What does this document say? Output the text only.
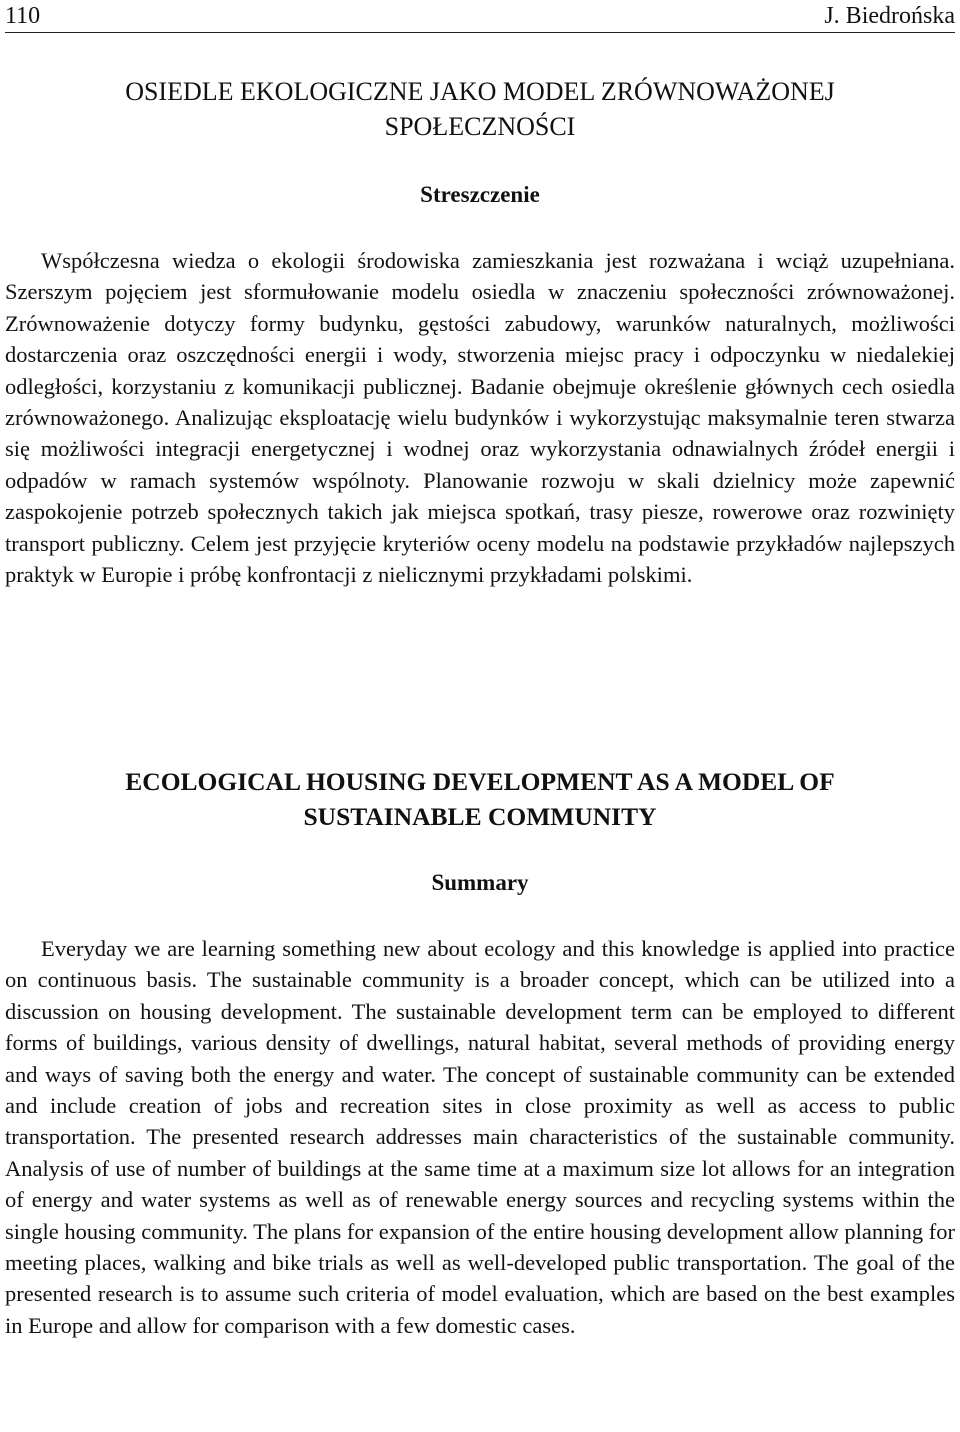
110	J. Biedrońska
OSIEDLE EKOLOGICZNE JAKO MODEL ZRÓWNOWAŻONEJ
SPOŁECZNOŚCI
Streszczenie

Współczesna wiedza o ekologii środowiska zamieszkania jest rozważana i wciąż uzupełniana. Szerszym pojęciem jest sformułowanie modelu osiedla w znaczeniu społeczności zrównoważonej. Zrównoważenie dotyczy formy budynku, gęstości zabudowy, warunków naturalnych, możliwości dostarczenia oraz oszczędności energii i wody, stworzenia miejsc pracy i odpoczynku w niedalekiej odległości, korzystaniu z komunikacji publicznej. Badanie obejmuje określenie głównych cech osiedla zrównoważonego. Analizując eksploatację wielu budynków i wykorzystując maksymalnie teren stwarza się możliwości integracji energetycznej i wodnej oraz wykorzystania odnawialnych źródeł energii i odpadów w ramach systemów wspólnoty. Planowanie rozwoju w skali dzielnicy może zapewnić zaspokojenie potrzeb społecznych takich jak miejsca spotkań, trasy piesze, rowerowe oraz rozwinięty transport publiczny. Celem jest przyjęcie kryteriów oceny modelu na podstawie przykładów najlepszych praktyk w Europie i próbę konfrontacji z nielicznymi przykładami polskimi.

ECOLOGICAL HOUSING DEVELOPMENT AS A MODEL OF
SUSTAINABLE COMMUNITY
Summary

Everyday we are learning something new about ecology and this knowledge is applied into practice on continuous basis. The sustainable community is a broader concept, which can be utilized into a discussion on housing development. The sustainable development term can be employed to different forms of buildings, various density of dwellings, natural habitat, several methods of providing energy and ways of saving both the energy and water. The concept of sustainable community can be extended and include creation of jobs and recreation sites in close proximity as well as access to public transportation. The presented research addresses main characteristics of the sustainable community. Analysis of use of number of buildings at the same time at a maximum size lot allows for an integration of energy and water systems as well as of renewable energy sources and recycling systems within the single housing community. The plans for expansion of the entire housing development allow planning for meeting places, walking and bike trials as well as well-developed public transportation. The goal of the presented research is to assume such criteria of model evaluation, which are based on the best examples in Europe and allow for comparison with a few domestic cases.
